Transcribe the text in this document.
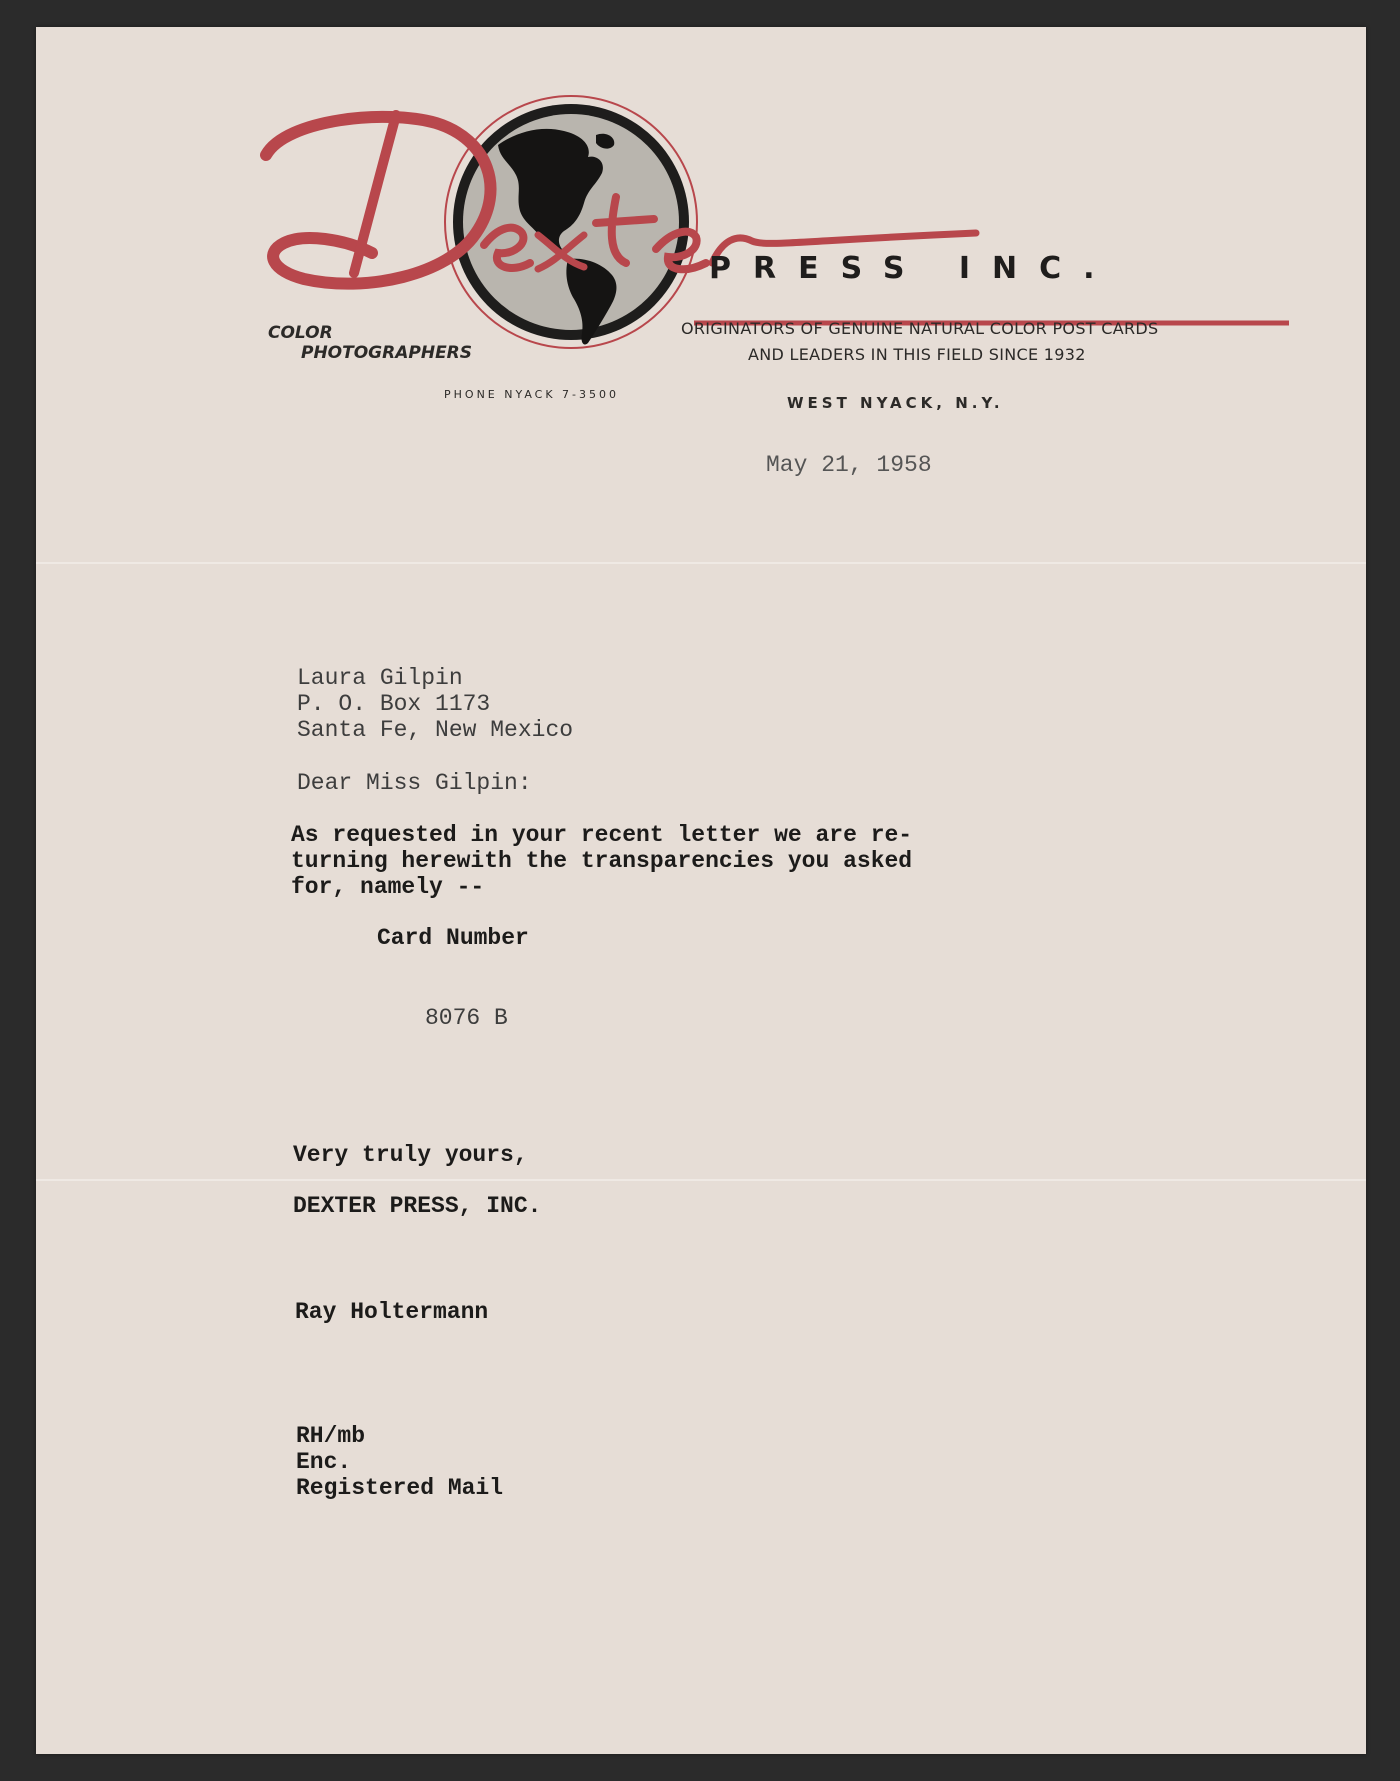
PRESS INC.
COLOR
PHOTOGRAPHERS
ORIGINATORS OF GENUINE NATURAL COLOR POST CARDS
AND LEADERS IN THIS FIELD SINCE 1932
PHONE NYACK 7-3500	WEST NYACK, N.Y.
May 21, 1958
Laura Gilpin
P. O. Box 1173
Santa Fe, New Mexico
Dear Miss Gilpin:
As requested in your recent letter we are re-
turning herewith the transparencies you asked
for, namely --
Card Number
8076 B
Very truly yours,
DEXTER PRESS, INC.
Ray Holtermann
RH/mb
Enc.
Registered Mail
